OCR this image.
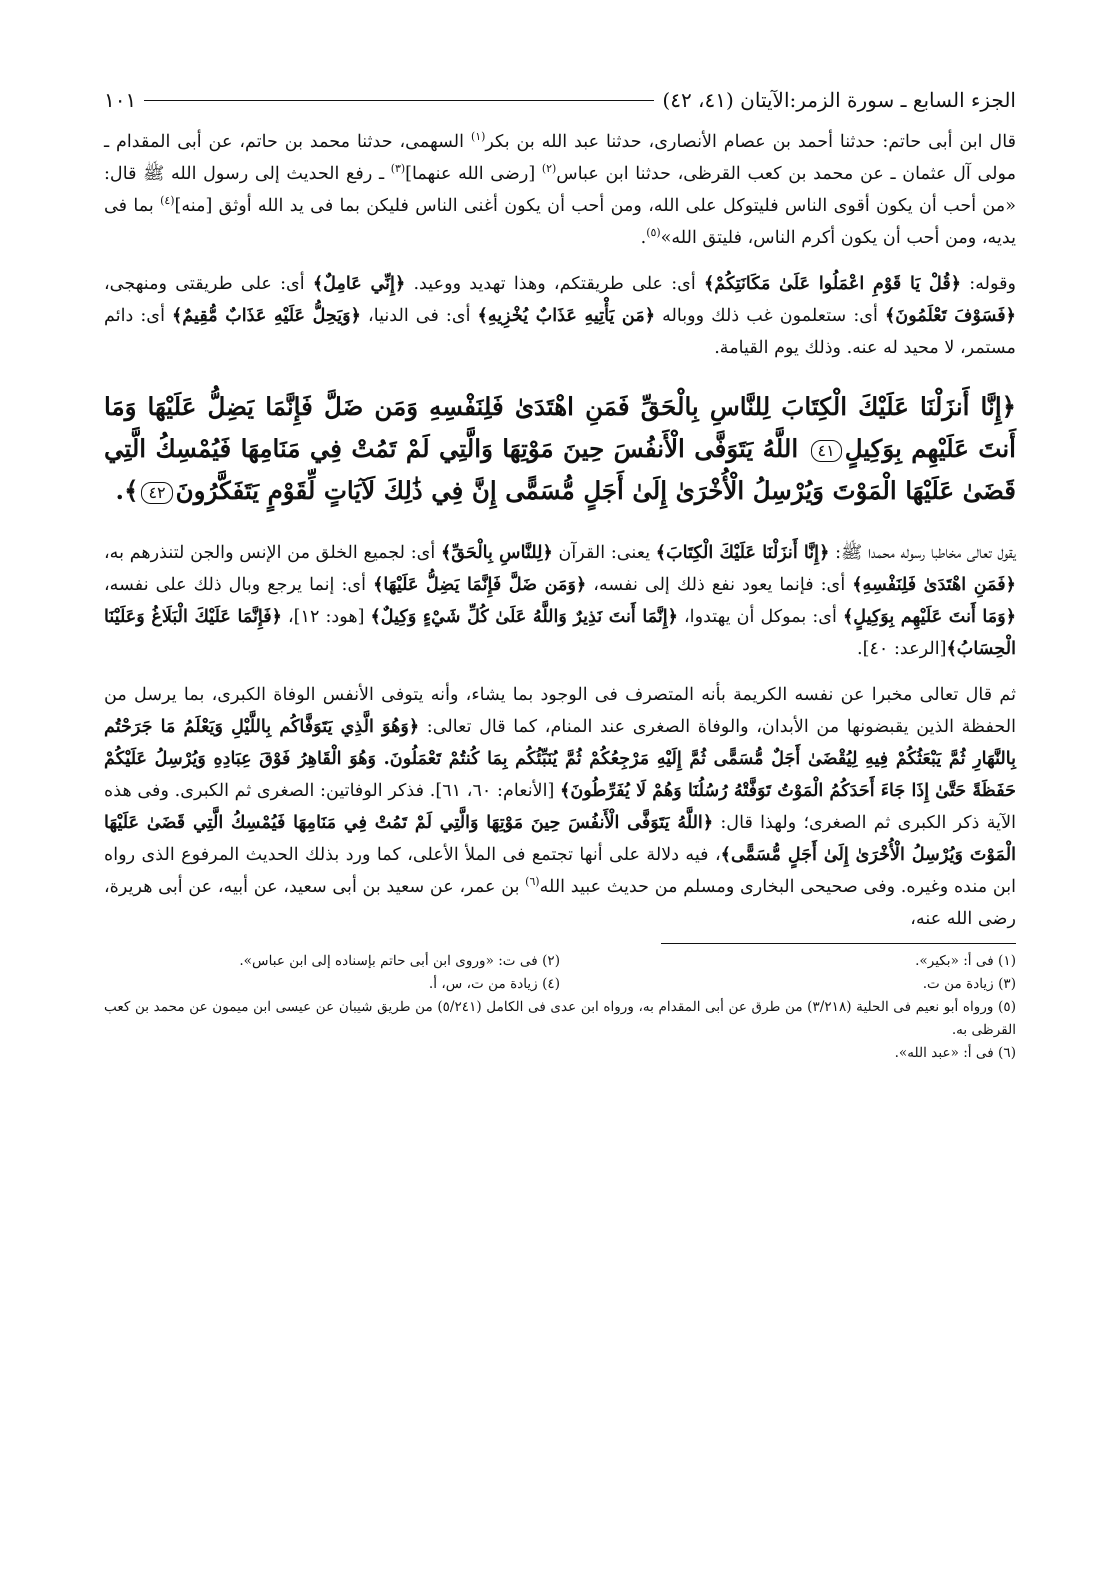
الجزء السابع ـ سورة الزمر:الآيتان (٤١، ٤٢)
١٠١

قال ابن أبى حاتم: حدثنا أحمد بن عصام الأنصارى، حدثنا عبد الله بن بكر$^{(١)}$ السهمى، حدثنا محمد بن حاتم، عن أبى المقدام ـ مولى آل عثمان ـ عن محمد بن كعب القرظى، حدثنا ابن عباس$^{(٢)}$ [رضى الله عنهما]$^{(٣)}$ ـ رفع الحديث إلى رسول الله ﷺ قال: «من أحب أن يكون أقوى الناس فليتوكل على الله، ومن أحب أن يكون أغنى الناس فليكن بما فى يد الله أوثق [منه]$^{(٤)}$ بما فى يديه، ومن أحب أن يكون أكرم الناس، فليتق الله»$^{(٥)}$.

وقوله: ﴿قُلْ يَا قَوْمِ اعْمَلُوا عَلَىٰ مَكَانَتِكُمْ﴾ أى: على طريقتكم، وهذا تهديد ووعيد. ﴿إِنِّي عَامِلٌ﴾ أى: على طريقتى ومنهجى، ﴿فَسَوْفَ تَعْلَمُونَ﴾ أى: ستعلمون غب ذلك ووباله ﴿مَن يَأْتِيهِ عَذَابٌ يُخْزِيهِ﴾ أى: فى الدنيا، ﴿وَيَحِلُّ عَلَيْهِ عَذَابٌ مُّقِيمٌ﴾ أى: دائم مستمر، لا محيد له عنه. وذلك يوم القيامة.

﴿إِنَّا أَنزَلْنَا عَلَيْكَ الْكِتَابَ لِلنَّاسِ بِالْحَقِّ فَمَنِ اهْتَدَىٰ فَلِنَفْسِهِ وَمَن ضَلَّ فَإِنَّمَا يَضِلُّ عَلَيْهَا وَمَا أَنتَ عَلَيْهِم بِوَكِيلٍ٤١ اللَّهُ يَتَوَفَّى الْأَنفُسَ حِينَ مَوْتِهَا وَالَّتِي لَمْ تَمُتْ فِي مَنَامِهَا فَيُمْسِكُ الَّتِي قَضَىٰ عَلَيْهَا الْمَوْتَ وَيُرْسِلُ الْأُخْرَىٰ إِلَىٰ أَجَلٍ مُّسَمًّى إِنَّ فِي ذَٰلِكَ لَآيَاتٍ لِّقَوْمٍ يَتَفَكَّرُونَ٤٢﴾.

يقول تعالى مخاطبا رسوله محمدا ﷺ: ﴿إِنَّا أَنزَلْنَا عَلَيْكَ الْكِتَابَ﴾ يعنى: القرآن ﴿لِلنَّاسِ بِالْحَقِّ﴾ أى: لجميع الخلق من الإنس والجن لتنذرهم به، ﴿فَمَنِ اهْتَدَىٰ فَلِنَفْسِهِ﴾ أى: فإنما يعود نفع ذلك إلى نفسه، ﴿وَمَن ضَلَّ فَإِنَّمَا يَضِلُّ عَلَيْهَا﴾ أى: إنما يرجع وبال ذلك على نفسه، ﴿وَمَا أَنتَ عَلَيْهِم بِوَكِيلٍ﴾ أى: بموكل أن يهتدوا، ﴿إِنَّمَا أَنتَ نَذِيرٌ وَاللَّهُ عَلَىٰ كُلِّ شَيْءٍ وَكِيلٌ﴾ [هود: ١٢]، ﴿فَإِنَّمَا عَلَيْكَ الْبَلَاغُ وَعَلَيْنَا الْحِسَابُ﴾[الرعد: ٤٠].

ثم قال تعالى مخبرا عن نفسه الكريمة بأنه المتصرف فى الوجود بما يشاء، وأنه يتوفى الأنفس الوفاة الكبرى، بما يرسل من الحفظة الذين يقبضونها من الأبدان، والوفاة الصغرى عند المنام، كما قال تعالى: ﴿وَهُوَ الَّذِي يَتَوَفَّاكُم بِاللَّيْلِ وَيَعْلَمُ مَا جَرَحْتُم بِالنَّهَارِ ثُمَّ يَبْعَثُكُمْ فِيهِ لِيُقْضَىٰ أَجَلٌ مُّسَمًّى ثُمَّ إِلَيْهِ مَرْجِعُكُمْ ثُمَّ يُنَبِّئُكُم بِمَا كُنتُمْ تَعْمَلُونَ. وَهُوَ الْقَاهِرُ فَوْقَ عِبَادِهِ وَيُرْسِلُ عَلَيْكُمْ حَفَظَةً حَتَّىٰ إِذَا جَاءَ أَحَدَكُمُ الْمَوْتُ تَوَفَّتْهُ رُسُلُنَا وَهُمْ لَا يُفَرِّطُونَ﴾ [الأنعام: ٦٠، ٦١]. فذكر الوفاتين: الصغرى ثم الكبرى. وفى هذه الآية ذكر الكبرى ثم الصغرى؛ ولهذا قال: ﴿اللَّهُ يَتَوَفَّى الْأَنفُسَ حِينَ مَوْتِهَا وَالَّتِي لَمْ تَمُتْ فِي مَنَامِهَا فَيُمْسِكُ الَّتِي قَضَىٰ عَلَيْهَا الْمَوْتَ وَيُرْسِلُ الْأُخْرَىٰ إِلَىٰ أَجَلٍ مُّسَمًّى﴾، فيه دلالة على أنها تجتمع فى الملأ الأعلى، كما ورد بذلك الحديث المرفوع الذى رواه ابن منده وغيره. وفى صحيحى البخارى ومسلم من حديث عبيد الله$^{(٦)}$ بن عمر، عن سعيد بن أبى سعيد، عن أبيه، عن أبى هريرة، رضى الله عنه،

(١) فى أ: «بكير».
(٢) فى ت: «وروى ابن أبى حاتم بإسناده إلى ابن عباس».
(٣) زيادة من ت.
(٤) زيادة من ت، س، أ.
(٥) ورواه أبو نعيم فى الحلية (٣/٢١٨) من طرق عن أبى المقدام به، ورواه ابن عدى فى الكامل (٥/٢٤١) من طريق شيبان عن عيسى ابن ميمون عن محمد بن كعب القرظى به.
(٦) فى أ: «عبد الله».
